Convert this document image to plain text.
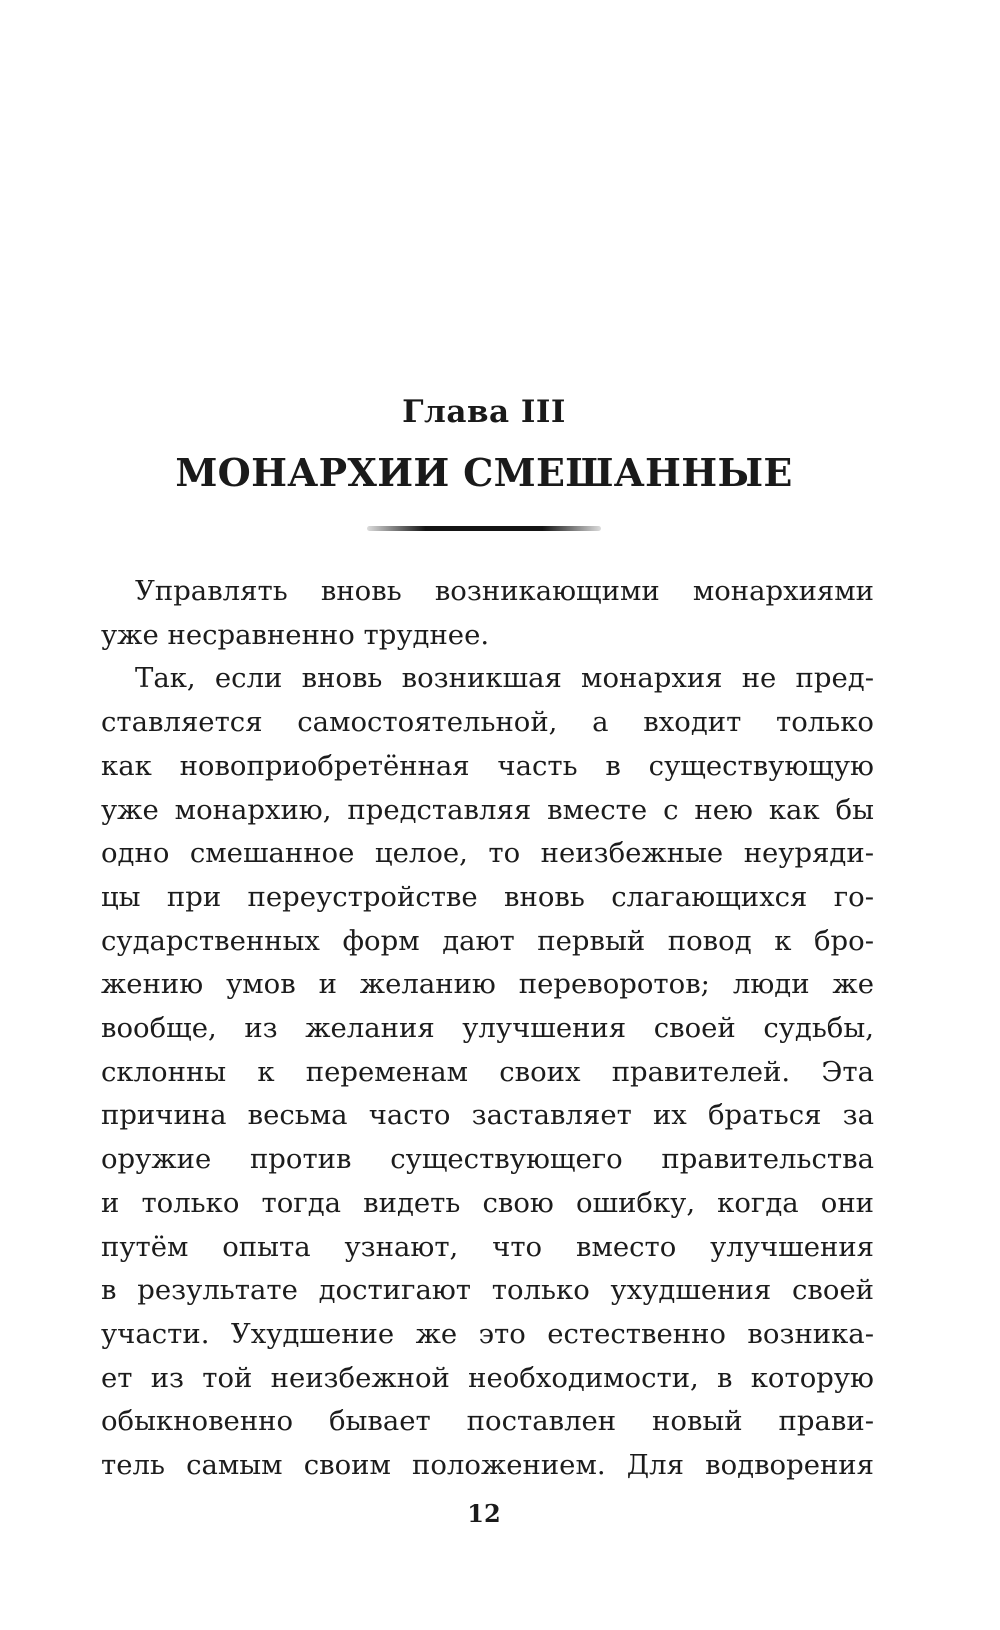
Глава III
МОНАРХИИ СМЕШАННЫЕ
Управлять вновь возникающими монархиями
уже несравненно труднее.
Так, если вновь возникшая монархия не пред-
ставляется самостоятельной, а входит только
как новоприобретённая часть в существующую
уже монархию, представляя вместе с нею как бы
одно смешанное целое, то неизбежные неуряди-
цы при переустройстве вновь слагающихся го-
сударственных форм дают первый повод к бро-
жению умов и желанию переворотов; люди же
вообще, из желания улучшения своей судьбы,
склонны к переменам своих правителей. Эта
причина весьма часто заставляет их браться за
оружие против существующего правительства
и только тогда видеть свою ошибку, когда они
путём опыта узнают, что вместо улучшения
в результате достигают только ухудшения своей
участи. Ухудшение же это естественно возника-
ет из той неизбежной необходимости, в которую
обыкновенно бывает поставлен новый прави-
тель самым своим положением. Для водворения
12
